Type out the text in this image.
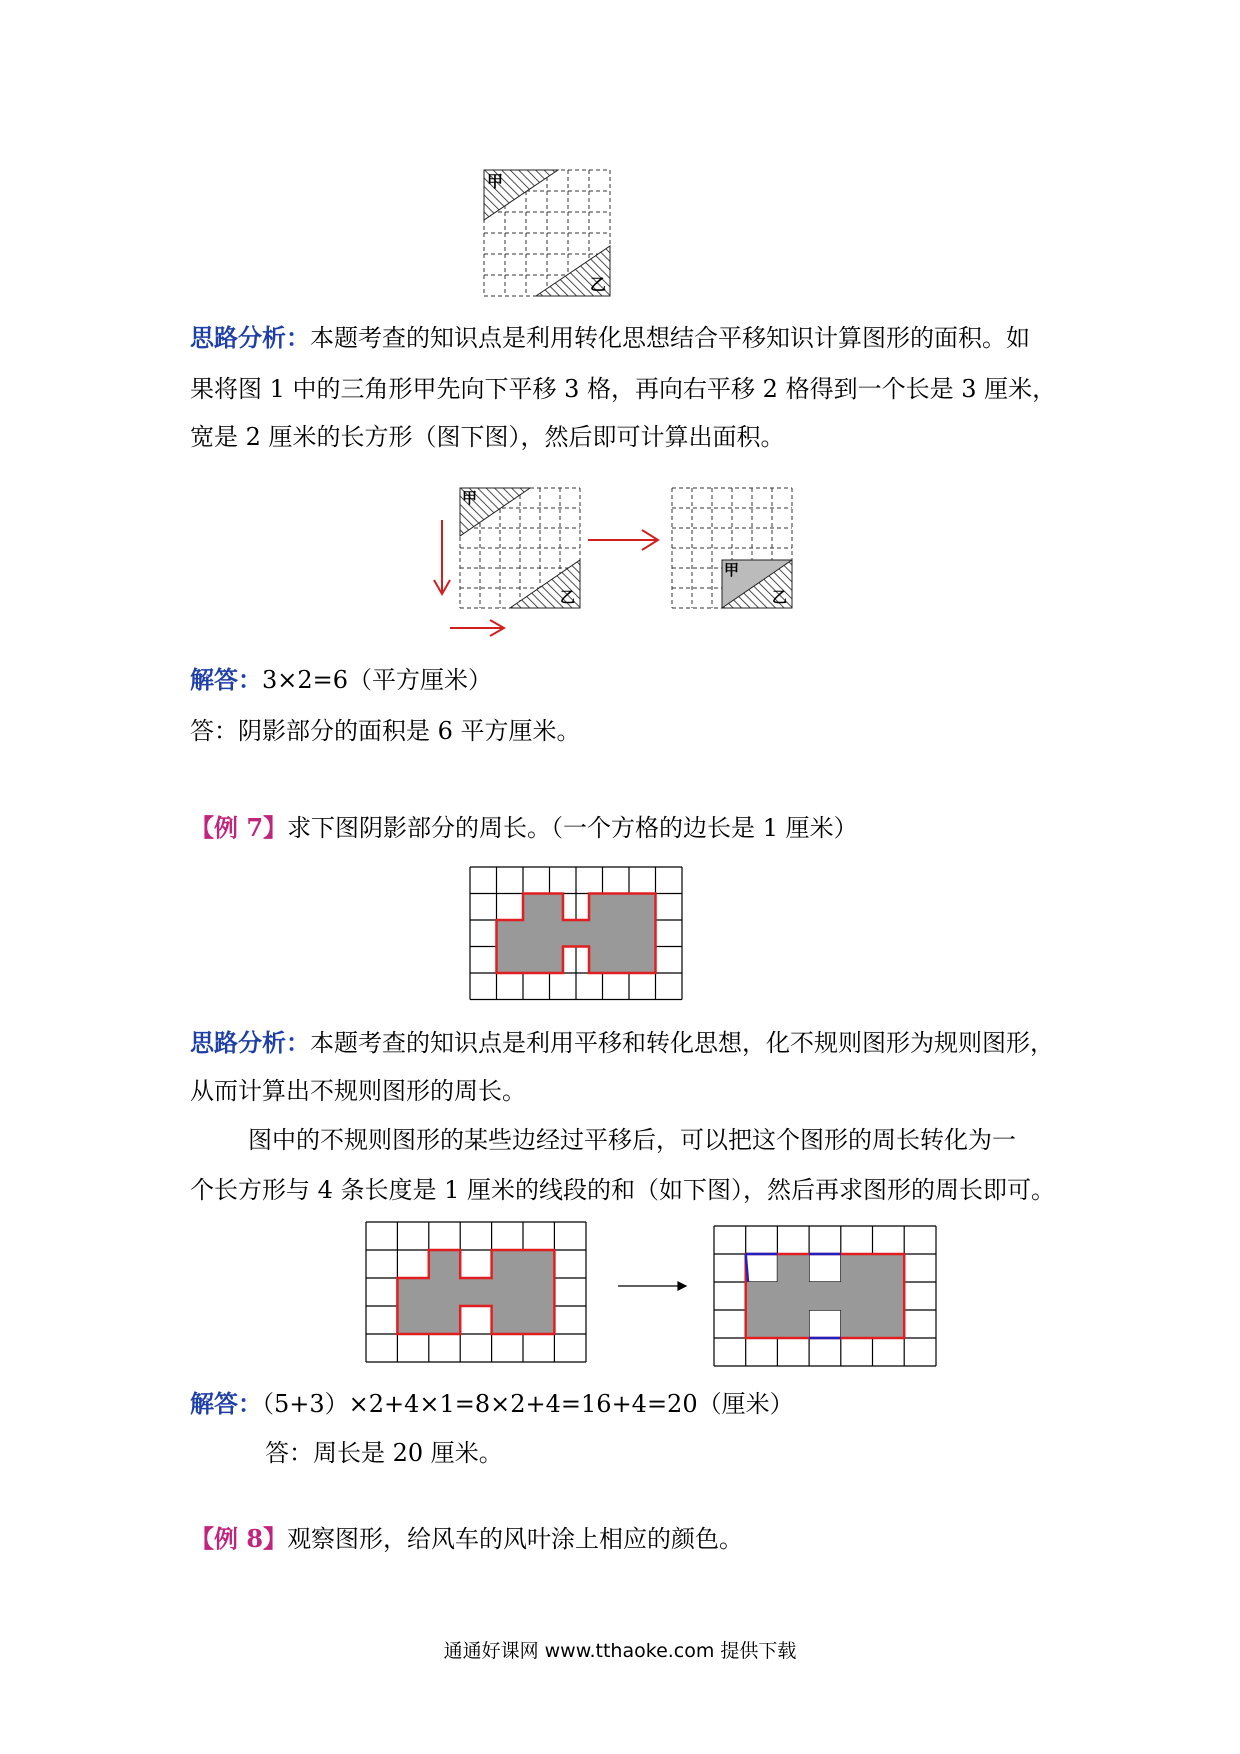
甲
乙
思路分析：本题考查的知识点是利用转化思想结合平移知识计算图形的面积。如
果将图 1 中的三角形甲先向下平移 3 格，再向右平移 2 格得到一个长是 3 厘米，
宽是 2 厘米的长方形（图下图），然后即可计算出面积。
甲
乙
甲
乙
解答：3×2=6（平方厘米）
答：阴影部分的面积是 6 平方厘米。
【例 7】求下图阴影部分的周长。（一个方格的边长是 1 厘米）
思路分析：本题考查的知识点是利用平移和转化思想，化不规则图形为规则图形，
从而计算出不规则图形的周长。
图中的不规则图形的某些边经过平移后，可以把这个图形的周长转化为一
个长方形与 4 条长度是 1 厘米的线段的和（如下图），然后再求图形的周长即可。
解答：（5+3）×2+4×1=8×2+4=16+4=20（厘米）
答：周长是 20 厘米。
【例 8】观察图形，给风车的风叶涂上相应的颜色。
通通好课网 www.tthaoke.com 提供下载
